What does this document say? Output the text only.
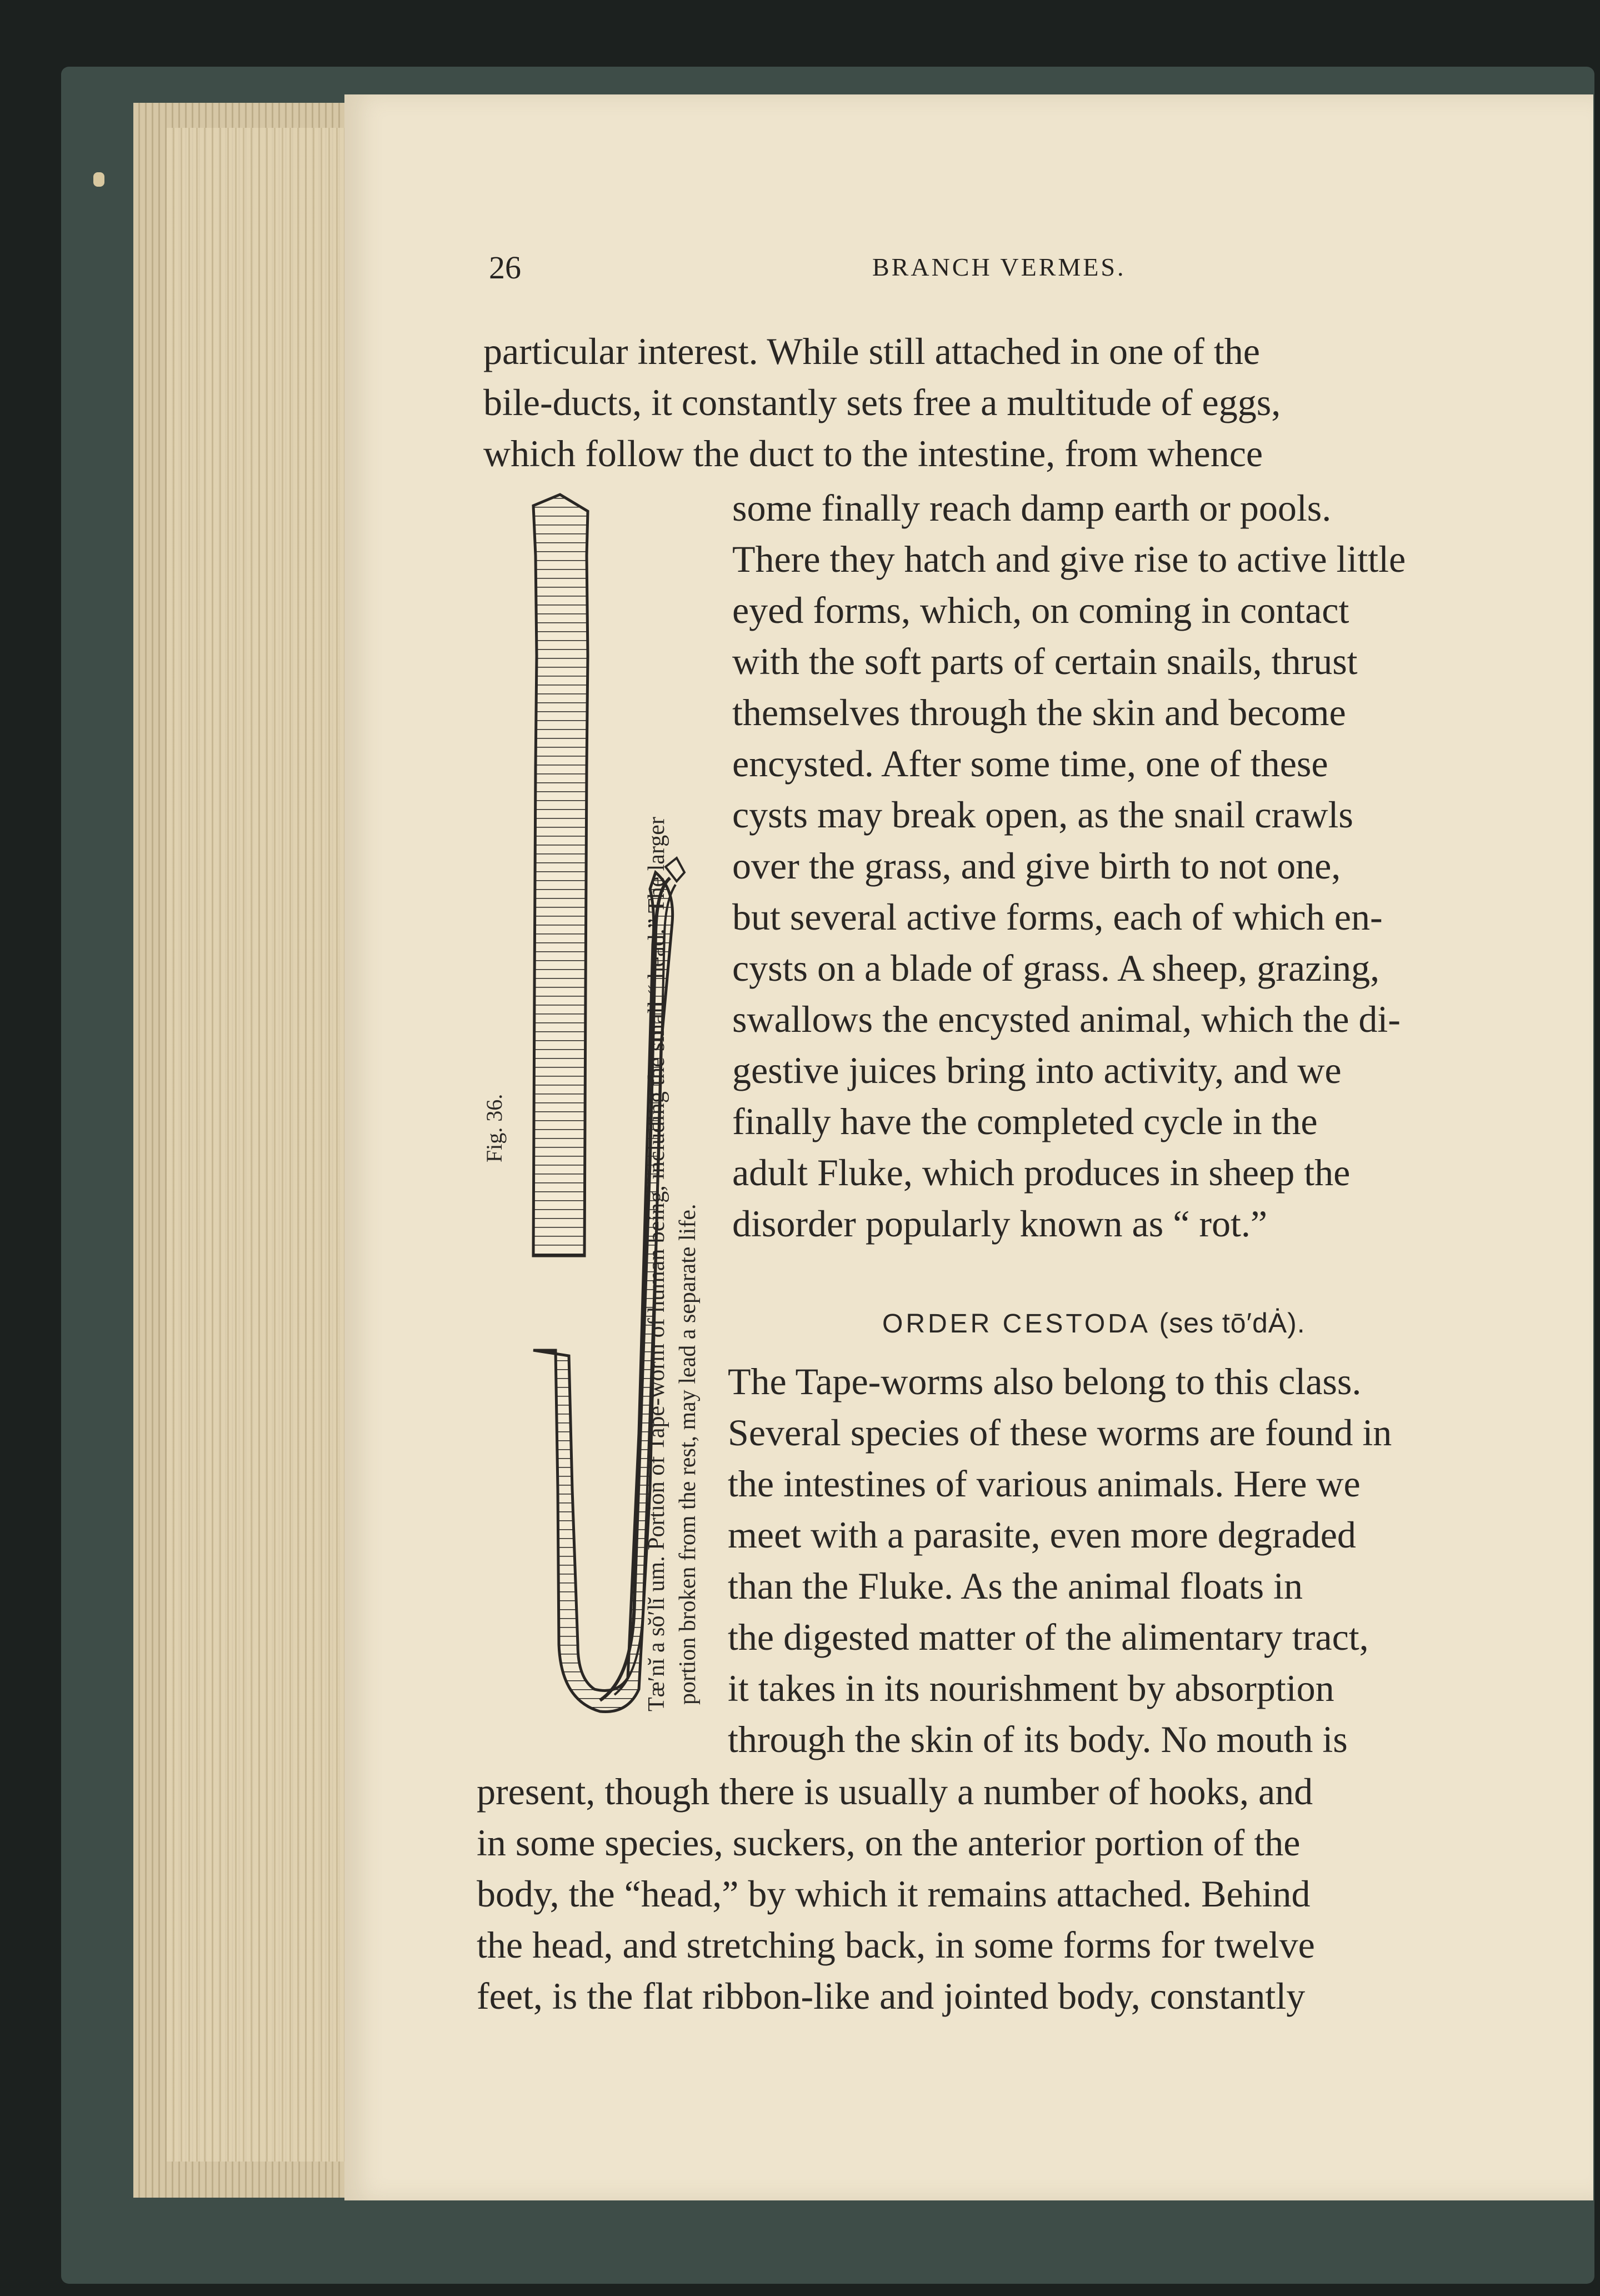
26	BRANCH VERMES.
particular interest. While still attached in one of the
bile-ducts, it constantly sets free a multitude of eggs,
which follow the duct to the intestine, from whence
some finally reach damp earth or pools.
There they hatch and give rise to active little
eyed forms, which, on coming in contact
with the soft parts of certain snails, thrust
themselves through the skin and become
encysted. After some time, one of these
cysts may break open, as the snail crawls
over the grass, and give birth to not one,
but several active forms, each of which en-
cysts on a blade of grass. A sheep, grazing,
swallows the encysted animal, which the di-
gestive juices bring into activity, and we
finally have the completed cycle in the
adult Fluke, which produces in sheep the
disorder popularly known as “ rot.”
ORDER CESTODA (ses tō′dȦ).
The Tape-worms also belong to this class.
Several species of these worms are found in
the intestines of various animals. Here we
meet with a parasite, even more degraded
than the Fluke. As the animal floats in
the digested matter of the alimentary tract,
it takes in its nourishment by absorption
through the skin of its body. No mouth is
present, though there is usually a number of hooks, and
in some species, suckers, on the anterior portion of the
body, the “head,” by which it remains attached. Behind
the head, and stretching back, in some forms for twelve
feet, is the flat ribbon-like and jointed body, constantly
Fig. 36.	Tæ′nĭ a sŏ′lĭ um. Portion of Tape-worm of human being, including the small “ head.” The larger portion broken from the rest, may lead a separate life.
